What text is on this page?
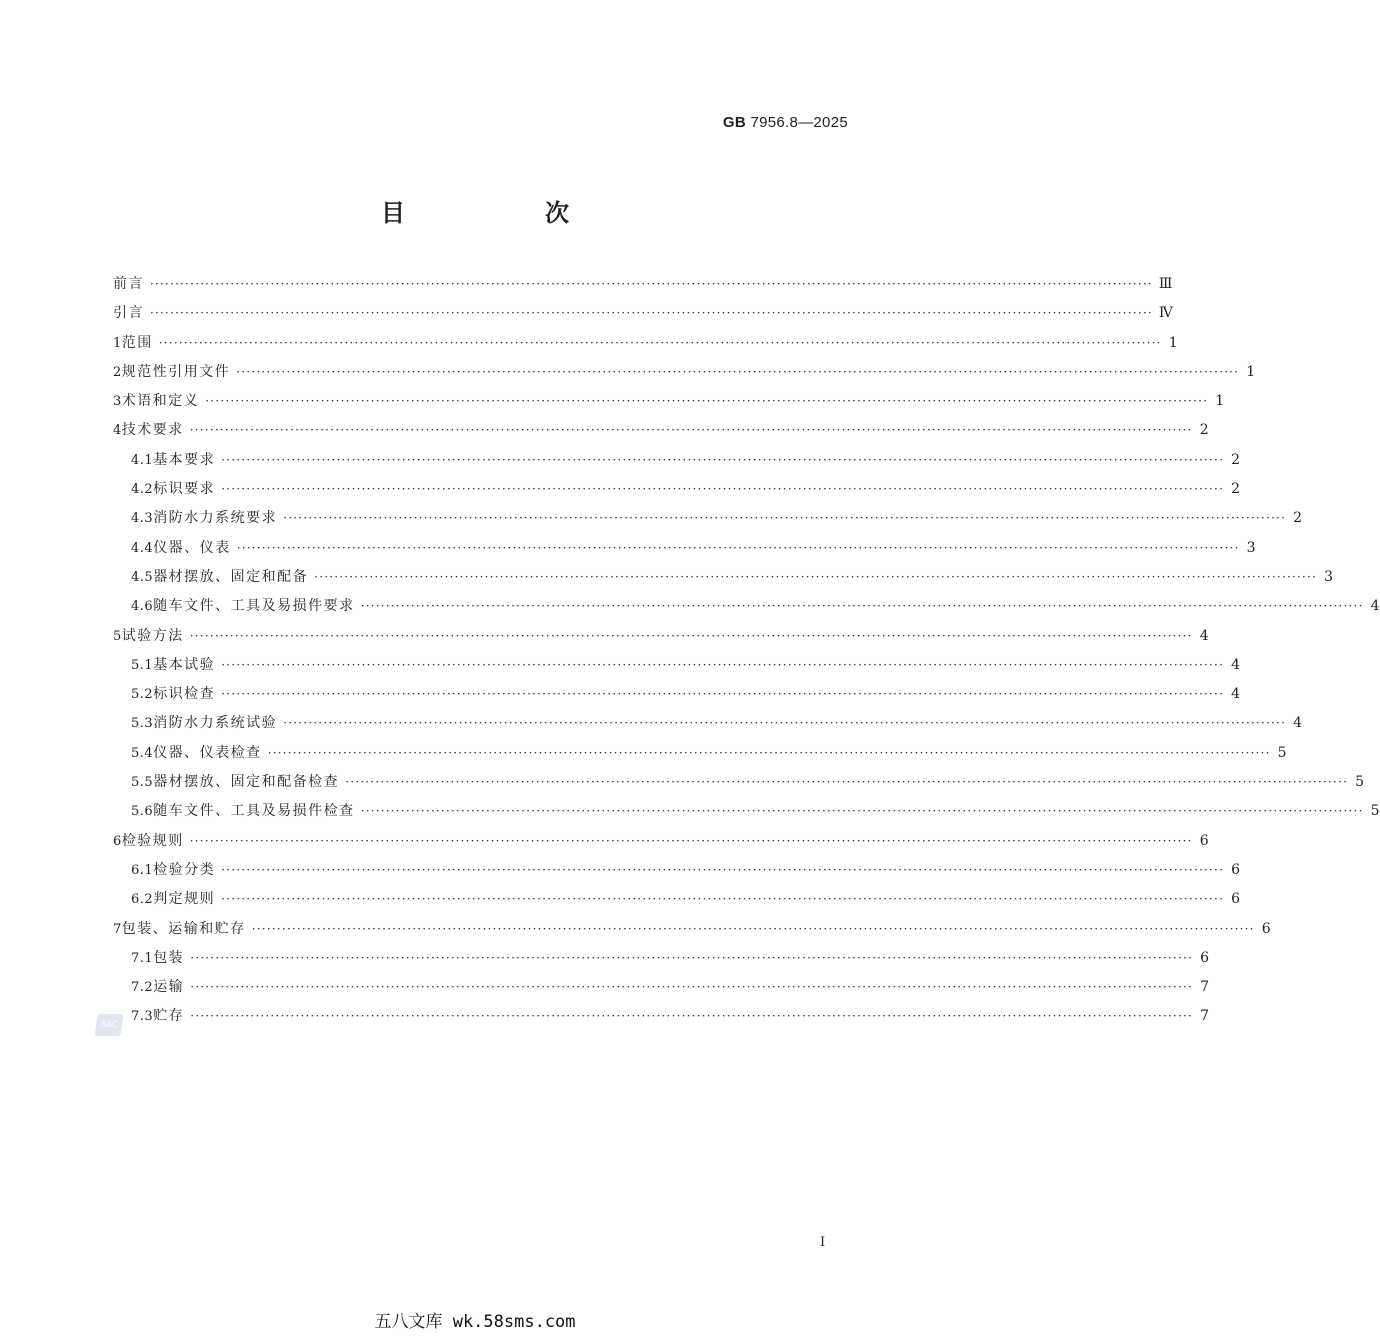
GB 7956.8—2025
目　次
前言 ········································································································································································································ Ⅲ
引言 ········································································································································································································ Ⅳ
1 范围 ········································································································································································································ 1
2 规范性引用文件 ········································································································································································································ 1
3 术语和定义 ········································································································································································································ 1
4 技术要求 ········································································································································································································ 2
4.1 基本要求 ········································································································································································································ 2
4.2 标识要求 ········································································································································································································ 2
4.3 消防水力系统要求 ········································································································································································································ 2
4.4 仪器、仪表 ········································································································································································································ 3
4.5 器材摆放、固定和配备 ········································································································································································································ 3
4.6 随车文件、工具及易损件要求 ········································································································································································································ 4
5 试验方法 ········································································································································································································ 4
5.1 基本试验 ········································································································································································································ 4
5.2 标识检查 ········································································································································································································ 4
5.3 消防水力系统试验 ········································································································································································································ 4
5.4 仪器、仪表检查 ········································································································································································································ 5
5.5 器材摆放、固定和配备检查 ········································································································································································································ 5
5.6 随车文件、工具及易损件检查 ········································································································································································································ 5
6 检验规则 ········································································································································································································ 6
6.1 检验分类 ········································································································································································································ 6
6.2 判定规则 ········································································································································································································ 6
7 包装、运输和贮存 ········································································································································································································ 6
7.1 包装 ········································································································································································································ 6
7.2 运输 ········································································································································································································ 7
7.3 贮存 ········································································································································································································ 7
SAC
I
五八文库 wk.58sms.com
